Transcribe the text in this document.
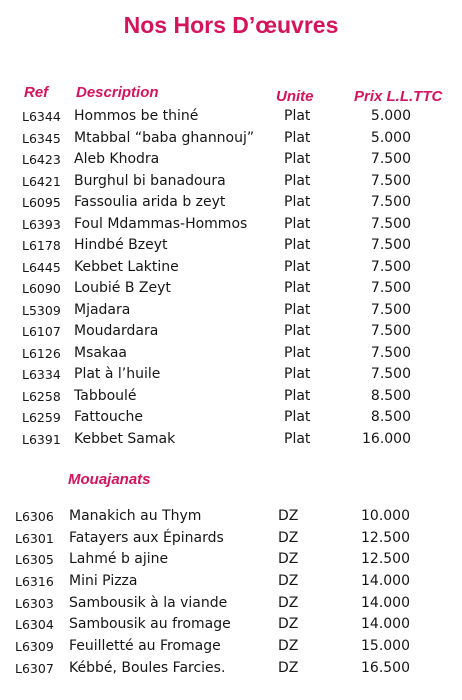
Nos Hors D’œuvres
Ref Description	Unite	Prix L.L.TTC
L6344 Hommos be thiné	Plat	5.000
L6345 Mtabbal “baba ghannouj” Plat	5.000
L6423 Aleb Khodra	Plat	7.500
L6421 Burghul bi banadoura	Plat	7.500
L6095 Fassoulia arida b zeyt	Plat	7.500
L6393 Foul Mdammas-Hommos	Plat	7.500
L6178 Hindbé Bzeyt	Plat	7.500
L6445 Kebbet Laktine	Plat	7.500
L6090 Loubié B Zeyt	Plat	7.500
L5309 Mjadara	Plat	7.500
L6107 Moudardara	Plat	7.500
L6126 Msakaa	Plat	7.500
L6334 Plat à l’huile	Plat	7.500
L6258 Tabboulé	Plat	8.500
L6259 Fattouche	Plat	8.500
L6391 Kebbet Samak	Plat	16.000
Mouajanats
L6306 Manakich au Thym	DZ	10.000
L6301 Fatayers aux Épinards	DZ	12.500
L6305 Lahmé b ajine	DZ	12.500
L6316 Mini Pizza	DZ	14.000
L6303 Sambousik à la viande	DZ	14.000
L6304 Sambousik au fromage	DZ	14.000
L6309 Feuilletté au Fromage	DZ	15.000
L6307 Kébbé, Boules Farcies.	DZ	16.500
